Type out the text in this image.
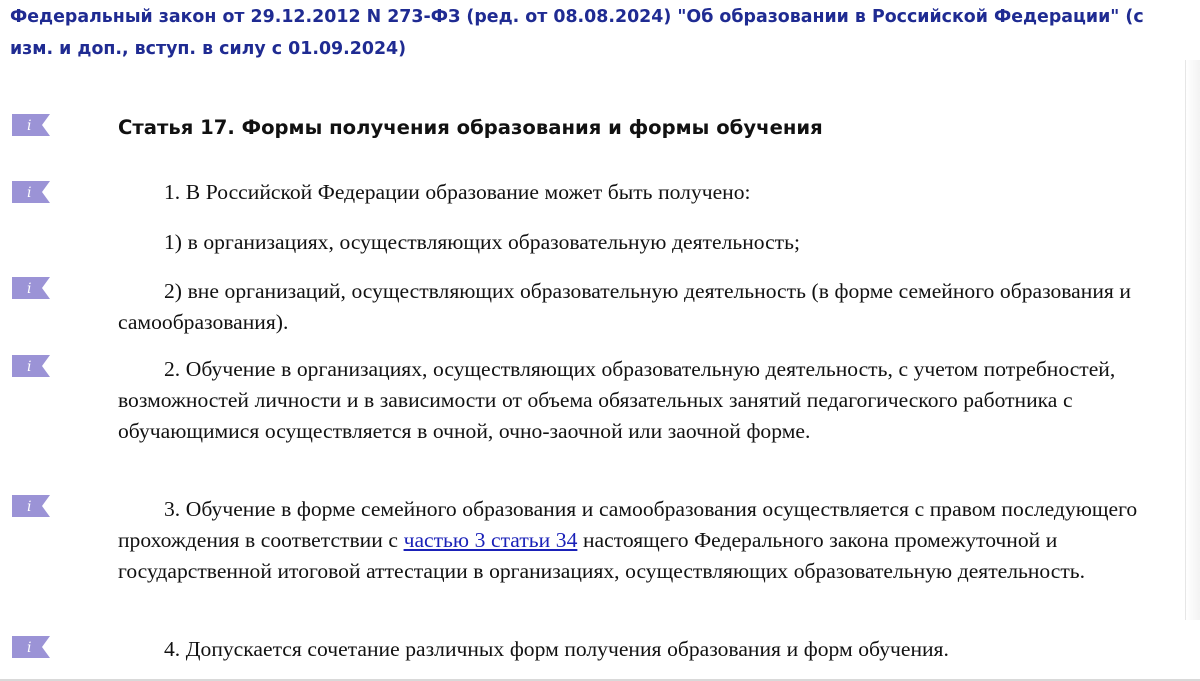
Федеральный закон от 29.12.2012 N 273-ФЗ (ред. от 08.08.2024) "Об образовании в Российской Федерации" (с изм. и доп., вступ. в силу с 01.09.2024)
i
i
i
i
i
i
Статья 17. Формы получения образования и формы обучения
1. В Российской Федерации образование может быть получено:
1) в организациях, осуществляющих образовательную деятельность;
2) вне организаций, осуществляющих образовательную деятельность (в форме семейного образования и самообразования).
2. Обучение в организациях, осуществляющих образовательную деятельность, с учетом потребностей, возможностей личности и в зависимости от объема обязательных занятий педагогического работника с обучающимися осуществляется в очной, очно-заочной или заочной форме.
3. Обучение в форме семейного образования и самообразования осуществляется с правом последующего прохождения в соответствии с частью 3 статьи 34 настоящего Федерального закона промежуточной и государственной итоговой аттестации в организациях, осуществляющих образовательную деятельность.
4. Допускается сочетание различных форм получения образования и форм обучения.
